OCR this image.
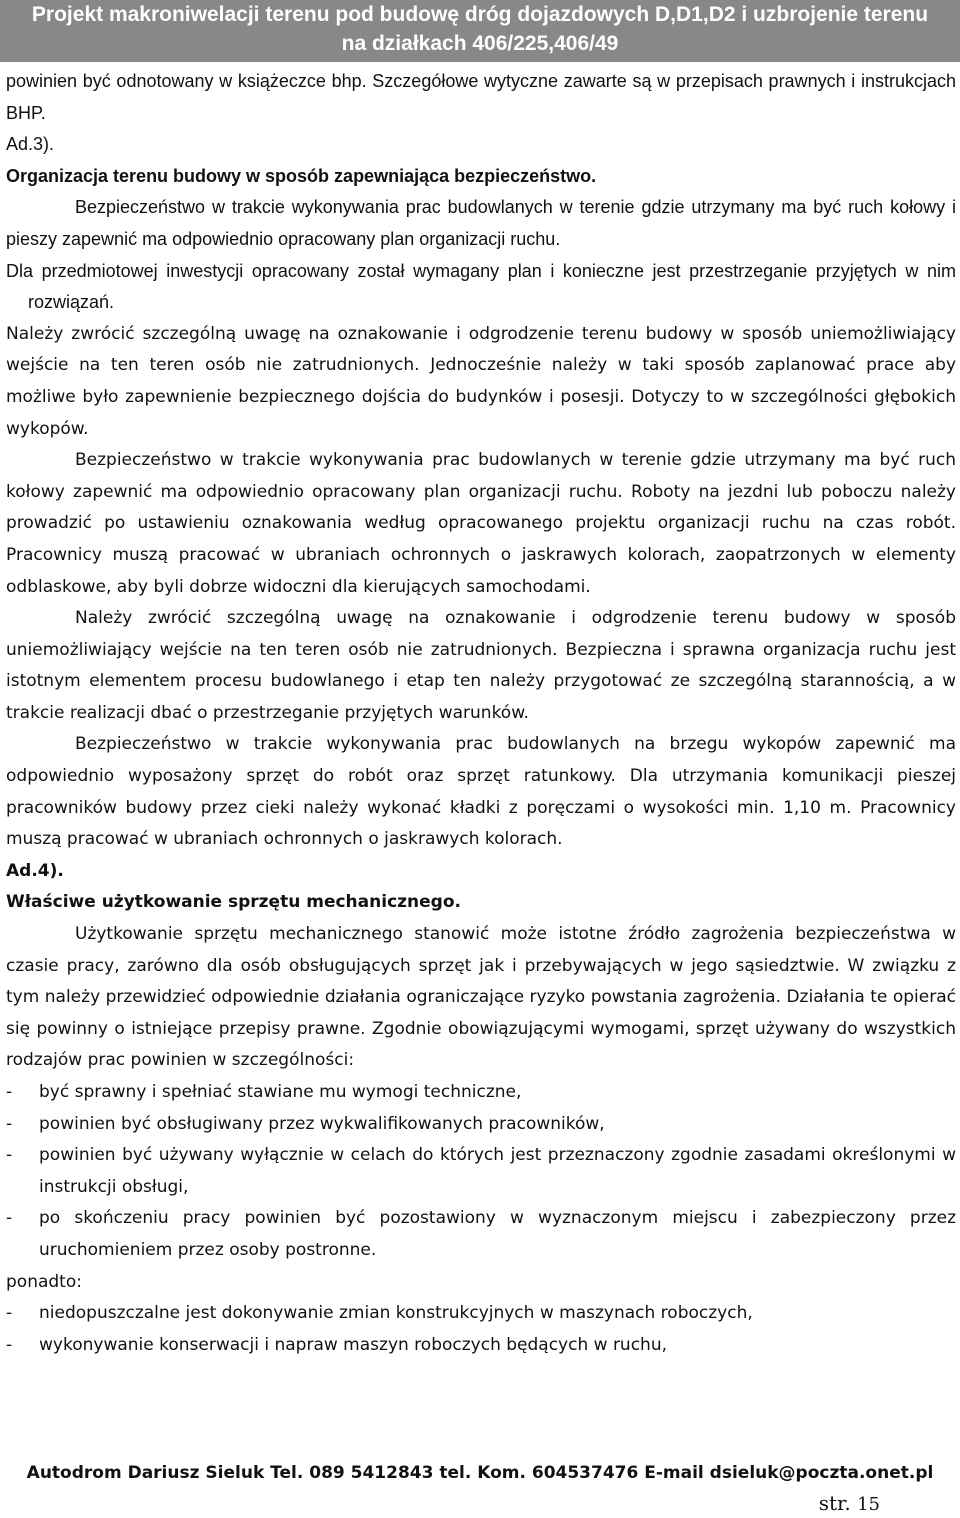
Projekt makroniwelacji terenu pod budowę dróg dojazdowych D,D1,D2 i uzbrojenie terenu
na działkach 406/225,406/49

powinien być odnotowany w książeczce bhp. Szczegółowe wytyczne zawarte są w przepisach prawnych i instrukcjach BHP.

Ad.3).

Organizacja terenu budowy w sposób zapewniająca bezpieczeństwo.

Bezpieczeństwo w trakcie wykonywania prac budowlanych w terenie gdzie utrzymany ma być ruch kołowy i pieszy zapewnić ma odpowiednio opracowany plan organizacji ruchu.

Dla przedmiotowej inwestycji opracowany został wymagany plan i konieczne jest przestrzeganie przyjętych w nim rozwiązań.

Należy zwrócić szczególną uwagę na oznakowanie i odgrodzenie terenu budowy w sposób uniemożliwiający wejście na ten teren osób nie zatrudnionych. Jednocześnie należy w taki sposób zaplanować prace aby możliwe było zapewnienie bezpiecznego dojścia do budynków i posesji. Dotyczy to w szczególności głębokich wykopów.

Bezpieczeństwo w trakcie wykonywania prac budowlanych w terenie gdzie utrzymany ma być ruch kołowy zapewnić ma odpowiednio opracowany plan organizacji ruchu. Roboty na jezdni lub poboczu należy prowadzić po ustawieniu oznakowania według opracowanego projektu organizacji ruchu na czas robót. Pracownicy muszą pracować w ubraniach ochronnych o jaskrawych kolorach, zaopatrzonych w elementy odblaskowe, aby byli dobrze widoczni dla kierujących samochodami.

Należy zwrócić szczególną uwagę na oznakowanie i odgrodzenie terenu budowy w sposób uniemożliwiający wejście na ten teren osób nie zatrudnionych. Bezpieczna i sprawna organizacja ruchu jest istotnym elementem procesu budowlanego i etap ten należy przygotować ze szczególną starannością, a w trakcie realizacji dbać o przestrzeganie przyjętych warunków.

Bezpieczeństwo w trakcie wykonywania prac budowlanych na brzegu wykopów zapewnić ma odpowiednio wyposażony sprzęt do robót oraz sprzęt ratunkowy. Dla utrzymania komunikacji pieszej pracowników budowy przez cieki należy wykonać kładki z poręczami o wysokości min. 1,10 m. Pracownicy muszą pracować w ubraniach ochronnych o jaskrawych kolorach.

Ad.4).

Właściwe użytkowanie sprzętu mechanicznego.

Użytkowanie sprzętu mechanicznego stanowić może istotne źródło zagrożenia bezpieczeństwa w czasie pracy, zarówno dla osób obsługujących sprzęt jak i przebywających w jego sąsiedztwie. W związku z tym należy przewidzieć odpowiednie działania ograniczające ryzyko powstania zagrożenia. Działania te opierać się powinny o istniejące przepisy prawne. Zgodnie obowiązującymi wymogami, sprzęt używany do wszystkich rodzajów prac powinien w szczególności:

- być sprawny i spełniać stawiane mu wymogi techniczne,
- powinien być obsługiwany przez wykwalifikowanych pracowników,
- powinien być używany wyłącznie w celach do których jest przeznaczony zgodnie zasadami określonymi w instrukcji obsługi,
- po skończeniu pracy powinien być pozostawiony w wyznaczonym miejscu i zabezpieczony przez uruchomieniem przez osoby postronne.

ponadto:

- niedopuszczalne jest dokonywanie zmian konstrukcyjnych w maszynach roboczych,
- wykonywanie konserwacji i napraw maszyn roboczych będących w ruchu,
Autodrom Dariusz Sieluk Tel. 089 5412843 tel. Kom. 604537476 E-mail dsieluk@poczta.onet.pl
str. 15
